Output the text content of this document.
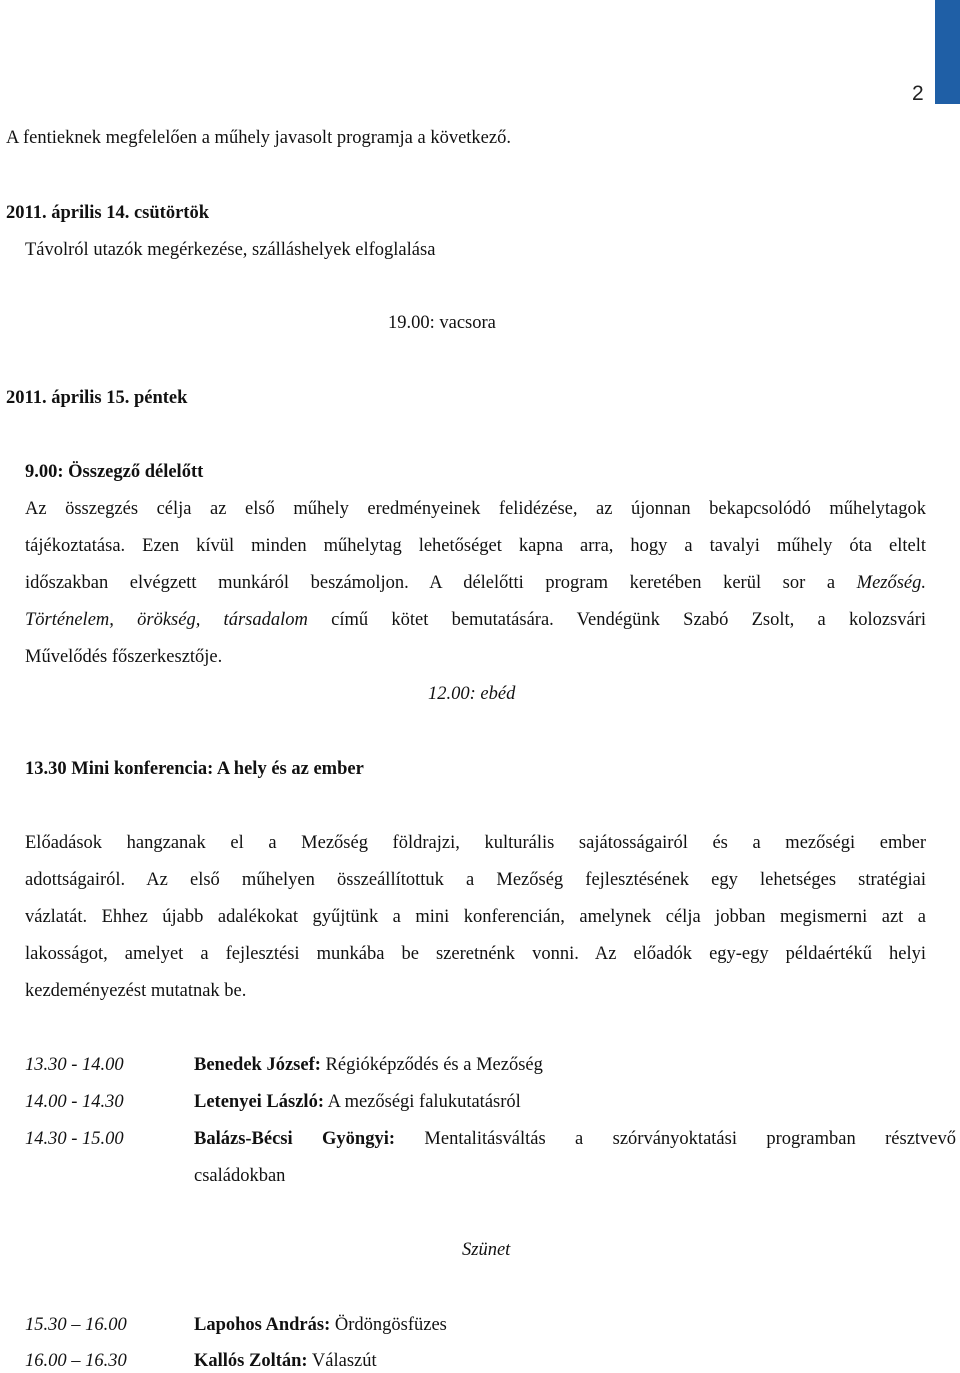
2
A fentieknek megfelelően a műhely javasolt programja a következő.
2011. április 14. csütörtök
Távolról utazók megérkezése, szálláshelyek elfoglalása
19.00: vacsora
2011. április 15. péntek
9.00: Összegző délelőtt
Az összegzés célja az első műhely eredményeinek felidézése, az újonnan bekapcsolódó műhelytagok
tájékoztatása. Ezen kívül minden műhelytag lehetőséget kapna arra, hogy a tavalyi műhely óta eltelt
időszakban elvégzett munkáról beszámoljon. A délelőtti program keretében kerül sor a Mezőség.
Történelem, örökség, társadalom című kötet bemutatására. Vendégünk Szabó Zsolt, a kolozsvári
Művelődés főszerkesztője.
12.00: ebéd
13.30 Mini konferencia: A hely és az ember
Előadások hangzanak el a Mezőség földrajzi, kulturális sajátosságairól és a mezőségi ember
adottságairól. Az első műhelyen összeállítottuk a Mezőség fejlesztésének egy lehetséges stratégiai
vázlatát. Ehhez újabb adalékokat gyűjtünk a mini konferencián, amelynek célja jobban megismerni azt a
lakosságot, amelyet a fejlesztési munkába be szeretnénk vonni. Az előadók egy-egy példaértékű helyi
kezdeményezést mutatnak be.
13.30 - 14.00	Benedek József: Régióképződés és a Mezőség
14.00 - 14.30	Letenyei László: A mezőségi falukutatásról
14.30 - 15.00	Balázs-Bécsi Gyöngyi: Mentalitásváltás a szórványoktatási programban résztvevő
családokban
Szünet
15.30 – 16.00	Lapohos András: Ördöngösfüzes
16.00 – 16.30	Kallós Zoltán: Válaszút
